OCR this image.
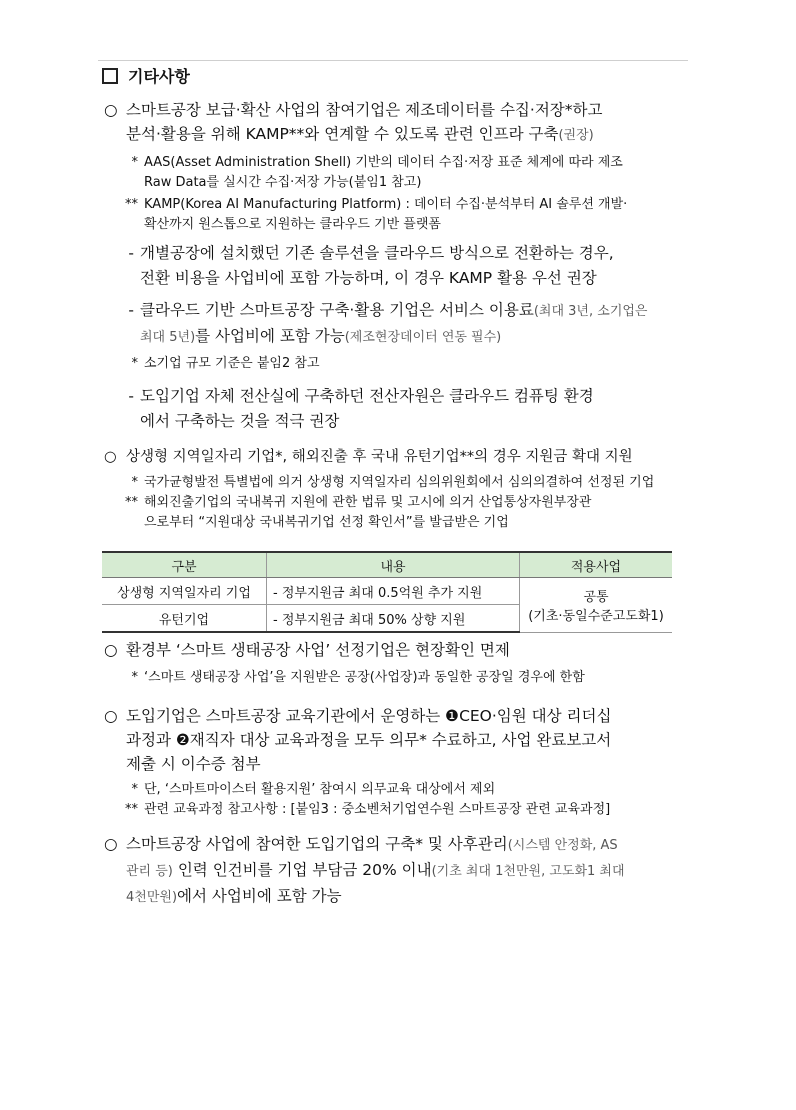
기타사항
○ 스마트공장 보급·확산 사업의 참여기업은 제조데이터를 수집·저장*하고
분석·활용을 위해 KAMP**와 연계할 수 있도록 관련 인프라 구축(권장)
* AAS(Asset Administration Shell) 기반의 데이터 수집·저장 표준 체계에 따라 제조
Raw Data를 실시간 수집·저장 가능(붙임1 참고)
** KAMP(Korea AI Manufacturing Platform) : 데이터 수집·분석부터 AI 솔루션 개발·
확산까지 원스톱으로 지원하는 클라우드 기반 플랫폼
- 개별공장에 설치했던 기존 솔루션을 클라우드 방식으로 전환하는 경우,
전환 비용을 사업비에 포함 가능하며, 이 경우 KAMP 활용 우선 권장
- 클라우드 기반 스마트공장 구축·활용 기업은 서비스 이용료(최대 3년, 소기업은
최대 5년)를 사업비에 포함 가능(제조현장데이터 연동 필수)
* 소기업 규모 기준은 붙임2 참고
- 도입기업 자체 전산실에 구축하던 전산자원은 클라우드 컴퓨팅 환경
에서 구축하는 것을 적극 권장
○ 상생형 지역일자리 기업*, 해외진출 후 국내 유턴기업**의 경우 지원금 확대 지원
* 국가균형발전 특별법에 의거 상생형 지역일자리 심의위원회에서 심의의결하여 선정된 기업
** 해외진출기업의 국내복귀 지원에 관한 법류 및 고시에 의거 산업통상자원부장관
으로부터 “지원대상 국내복귀기업 선정 확인서”를 발급받은 기업
구분	내용	적용사업
상생형 지역일자리 기업	- 정부지원금 최대 0.5억원 추가 지원	공통
(기초·동일수준고도화1)
유턴기업	- 정부지원금 최대 50% 상향 지원	
○ 환경부 ‘스마트 생태공장 사업’ 선정기업은 현장확인 면제
* ‘스마트 생태공장 사업’을 지원받은 공장(사업장)과 동일한 공장일 경우에 한함
○ 도입기업은 스마트공장 교육기관에서 운영하는 ❶CEO·임원 대상 리더십
과정과 ❷재직자 대상 교육과정을 모두 의무* 수료하고, 사업 완료보고서
제출 시 이수증 첨부
* 단, ‘스마트마이스터 활용지원’ 참여시 의무교육 대상에서 제외
** 관련 교육과정 참고사항 : [붙임3 : 중소벤처기업연수원 스마트공장 관련 교육과정]
○ 스마트공장 사업에 참여한 도입기업의 구축* 및 사후관리(시스템 안정화, AS
관리 등) 인력 인건비를 기업 부담금 20% 이내(기초 최대 1천만원, 고도화1 최대
4천만원)에서 사업비에 포함 가능
